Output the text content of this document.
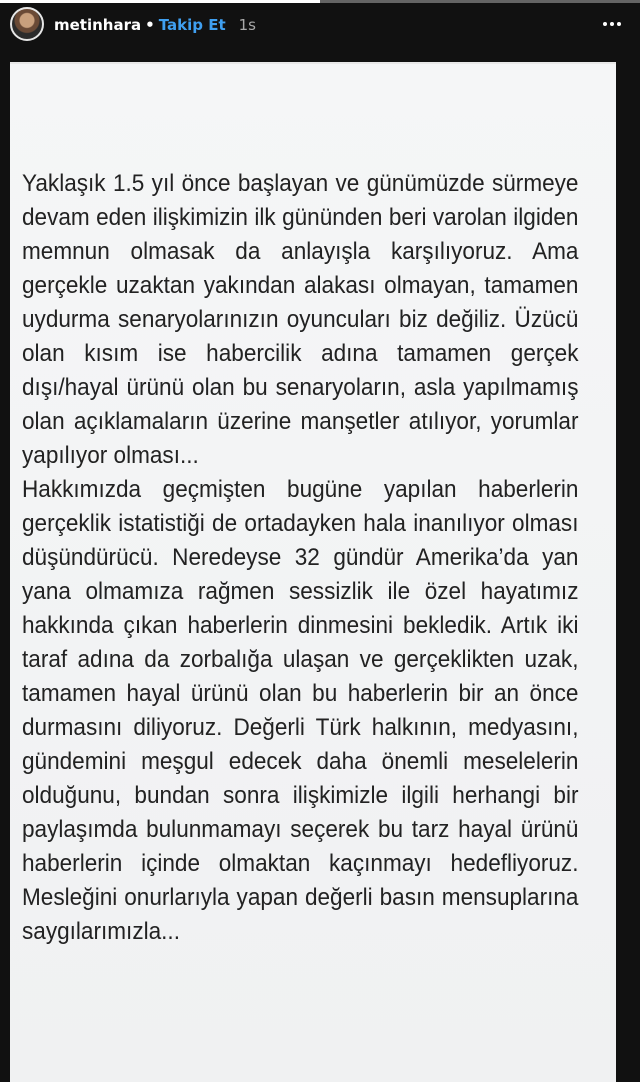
metinhara • Takip Et 1s

Yaklaşık 1.5 yıl önce başlayan ve günümüzde sürmeye devam eden ilişkimizin ilk gününden beri varolan ilgiden memnun olmasak da anlayışla karşılıyoruz. Ama gerçekle uzaktan yakından alakası olmayan, tamamen uydurma senaryolarınızın oyuncuları biz değiliz. Üzücü olan kısım ise habercilik adına tamamen gerçek dışı/hayal ürünü olan bu senaryoların, asla yapılmamış olan açıklamaların üzerine manşetler atılıyor, yorumlar yapılıyor olması...
Hakkımızda geçmişten bugüne yapılan haberlerin gerçeklik istatistiği de ortadayken hala inanılıyor olması düşündürücü. Neredeyse 32 gündür Amerika’da yan yana olmamıza rağmen sessizlik ile özel hayatımız hakkında çıkan haberlerin dinmesini bekledik. Artık iki taraf adına da zorbalığa ulaşan ve gerçeklikten uzak, tamamen hayal ürünü olan bu haberlerin bir an önce durmasını diliyoruz. Değerli Türk halkının, medyasını, gündemini meşgul edecek daha önemli meselelerin olduğunu, bundan sonra ilişkimizle ilgili herhangi bir paylaşımda bulunmamayı seçerek bu tarz hayal ürünü haberlerin içinde olmaktan kaçınmayı hedefliyoruz. Mesleğini onurlarıyla yapan değerli basın mensuplarına saygılarımızla...
